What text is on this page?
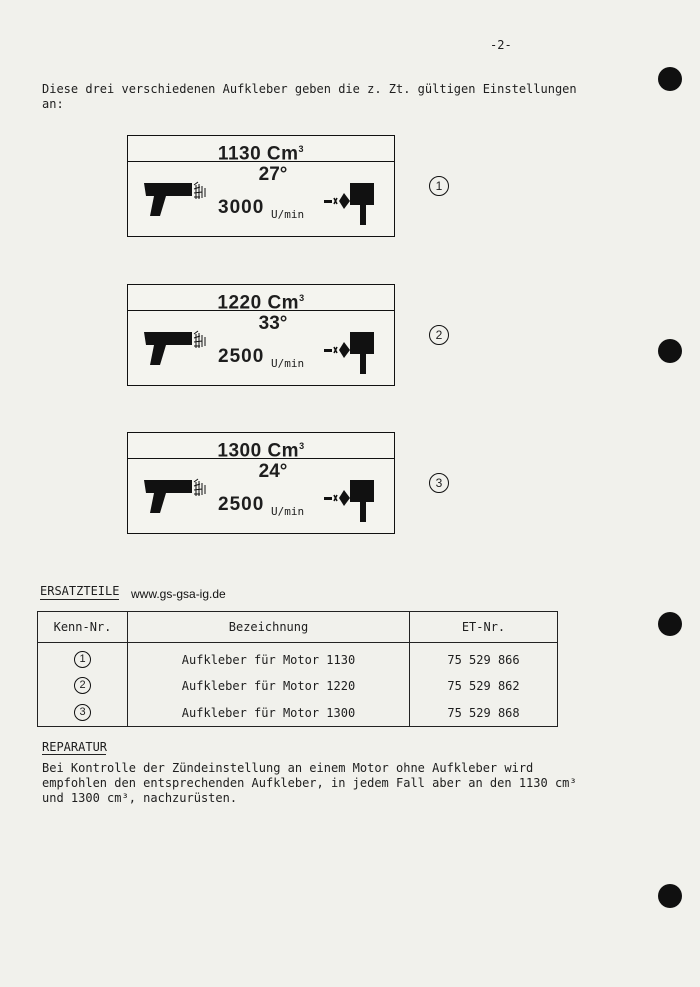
-2-
Diese drei verschiedenen Aufkleber geben die z. Zt. gültigen Einstellungen
an:
1130 Cm$^3$
27°
3000 U/min
1
1220 Cm$^3$
33°
2500 U/min
2
1300 Cm$^3$
24°
2500 U/min
3
ERSATZTEILE www.gs-gsa-ig.de
Kenn-Nr.	Bezeichnung	ET-Nr.
1	Aufkleber für Motor 1130	75 529 866
2	Aufkleber für Motor 1220	75 529 862
3	Aufkleber für Motor 1300	75 529 868
REPARATUR
Bei Kontrolle der Zündeinstellung an einem Motor ohne Aufkleber wird
empfohlen den entsprechenden Aufkleber, in jedem Fall aber an den 1130 cm³
und 1300 cm³, nachzurüsten.
